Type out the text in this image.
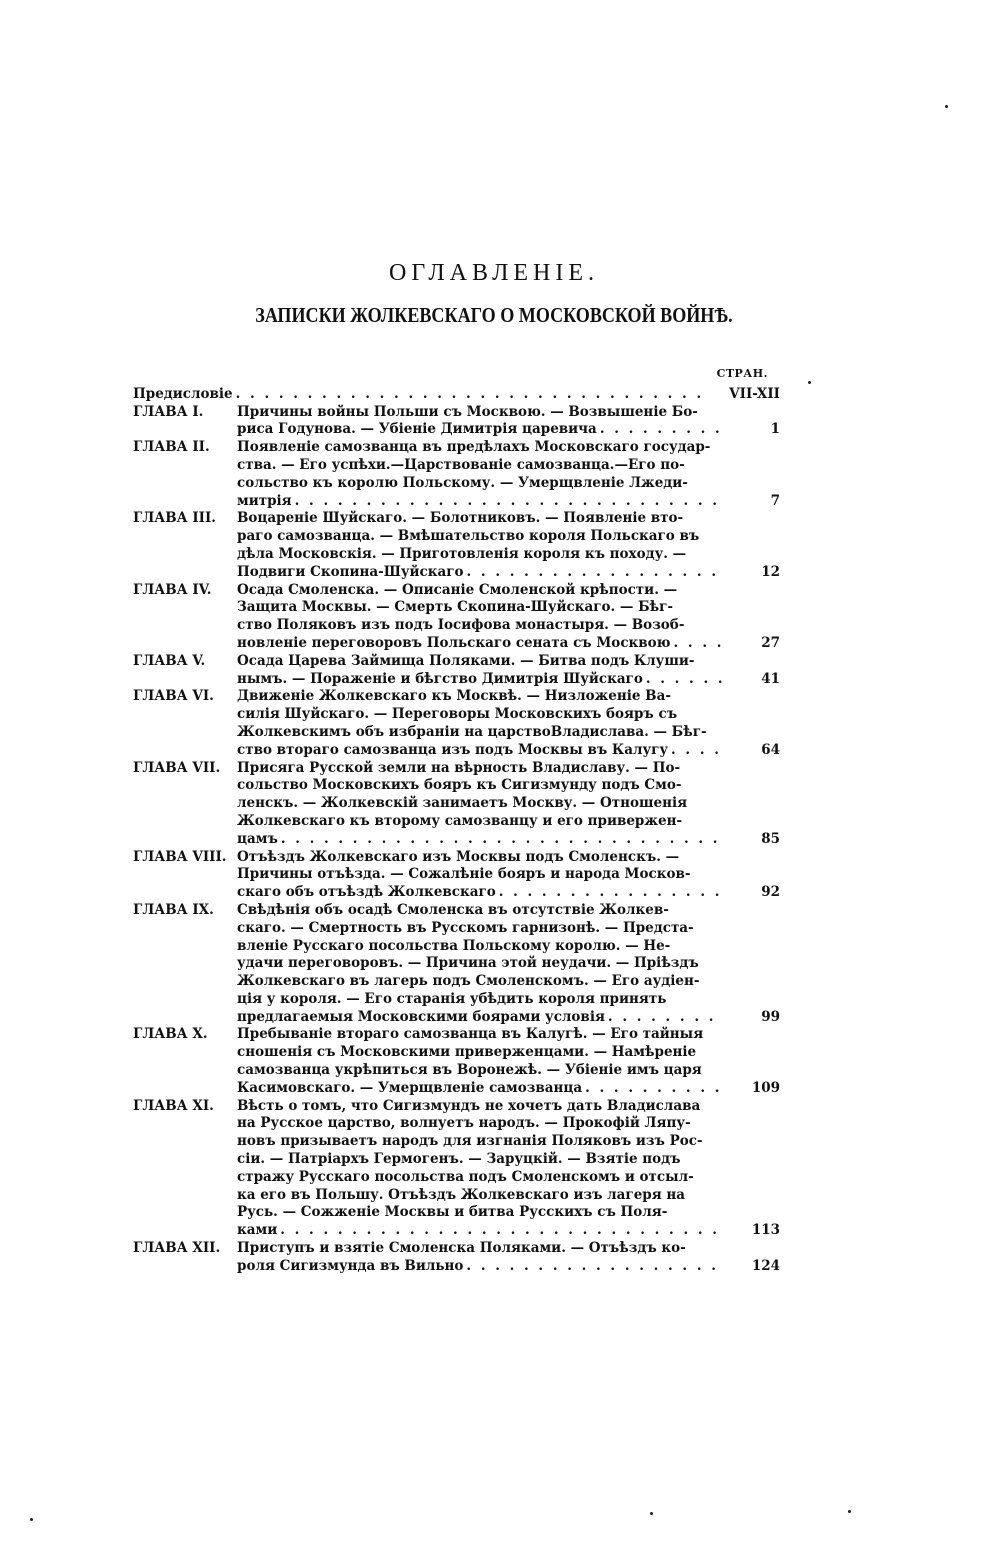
ОГЛАВЛЕНІЕ.
ЗАПИСКИ ЖОЛКЕВСКАГО О МОСКОВСКОЙ ВОЙНѢ.
СТРАН.
Предисловіе . . .	VII-XII
ГЛАВА I.	Причины войны Польши съ Москвою. — Возвышеніе Бо-
риса Годунова. — Убіеніе Димитрія царевича . . .	1
ГЛАВА II.	Появленіе самозванца въ предѣлахъ Московскаго государ-
ства. — Его успѣхи.—Царствованіе самозванца.—Его по-
сольство къ королю Польскому. — Умерщвленіе Лжеди-
митрія . . .	7
ГЛАВА III.	Воцареніе Шуйскаго. — Болотниковъ. — Появленіе вто-
раго самозванца. — Вмѣшательство короля Польскаго въ
дѣла Московскія. — Приготовленія короля къ походу. —
Подвиги Скопина-Шуйскаго . . .	12
ГЛАВА IV.	Осада Смоленска. — Описаніе Смоленской крѣпости. —
Защита Москвы. — Смерть Скопина-Шуйскаго. — Бѣг-
ство Поляковъ изъ подъ Іосифова монастыря. — Возоб-
новленіе переговоровъ Польскаго сената съ Москвою . . .	27
ГЛАВА V.	Осада Царева Займища Поляками. — Битва подъ Клуши-
нымъ. — Пораженіе и бѣгство Димитрія Шуйскаго . . .	41
ГЛАВА VI.	Движеніе Жолкевскаго къ Москвѣ. — Низложеніе Ва-
силія Шуйскаго. — Переговоры Московскихъ бояръ съ
Жолкевскимъ объ избраніи на царствоВладислава. — Бѣг-
ство втораго самозванца изъ подъ Москвы въ Калугу . . .	64
ГЛАВА VII.	Присяга Русской земли на вѣрность Владиславу. — По-
сольство Московскихъ бояръ къ Сигизмунду подъ Смо-
ленскъ. — Жолкевскій занимаетъ Москву. — Отношенія
Жолкевскаго къ второму самозванцу и его привержен-
цамъ . . .	85
ГЛАВА VIII. Отъѣздъ Жолкевскаго изъ Москвы подъ Смоленскъ. —
Причины отъѣзда. — Сожалѣніе бояръ и народа Москов-
скаго объ отъѣздѣ Жолкевскаго . . .	92
ГЛАВА IX.	Свѣдѣнія объ осадѣ Смоленска въ отсутствіе Жолкев-
скаго. — Смертность въ Русскомъ гарнизонѣ. — Предста-
вленіе Русскаго посольства Польскому королю. — Не-
удачи переговоровъ. — Причина этой неудачи. — Пріѣздъ
Жолкевскаго въ лагерь подъ Смоленскомъ. — Его аудіен-
ція у короля. — Его старанія убѣдить короля принять
предлагаемыя Московскими боярами условія . . .	99
ГЛАВА X.	Пребываніе втораго самозванца въ Калугѣ. — Его тайныя
сношенія съ Московскими приверженцами. — Намѣреніе
самозванца укрѣпиться въ Воронежѣ. — Убіеніе имъ царя
Касимовскаго. — Умерщвленіе самозванца . . .	109
ГЛАВА XI.	Вѣсть о томъ, что Сигизмундъ не хочетъ дать Владислава
на Русское царство, волнуетъ народъ. — Прокофій Ляпу-
новъ призываетъ народъ для изгнанія Поляковъ изъ Рос-
сіи. — Патріархъ Гермогенъ. — Заруцкій. — Взятіе подъ
стражу Русскаго посольства подъ Смоленскомъ и отсыл-
ка его въ Польшу. Отъѣздъ Жолкевскаго изъ лагеря на
Русь. — Сожженіе Москвы и битва Русскихъ съ Поля-
ками . . .	113
ГЛАВА XII.	Приступъ и взятіе Смоленска Поляками. — Отъѣздъ ко-
роля Сигизмунда въ Вильно . . .	124
